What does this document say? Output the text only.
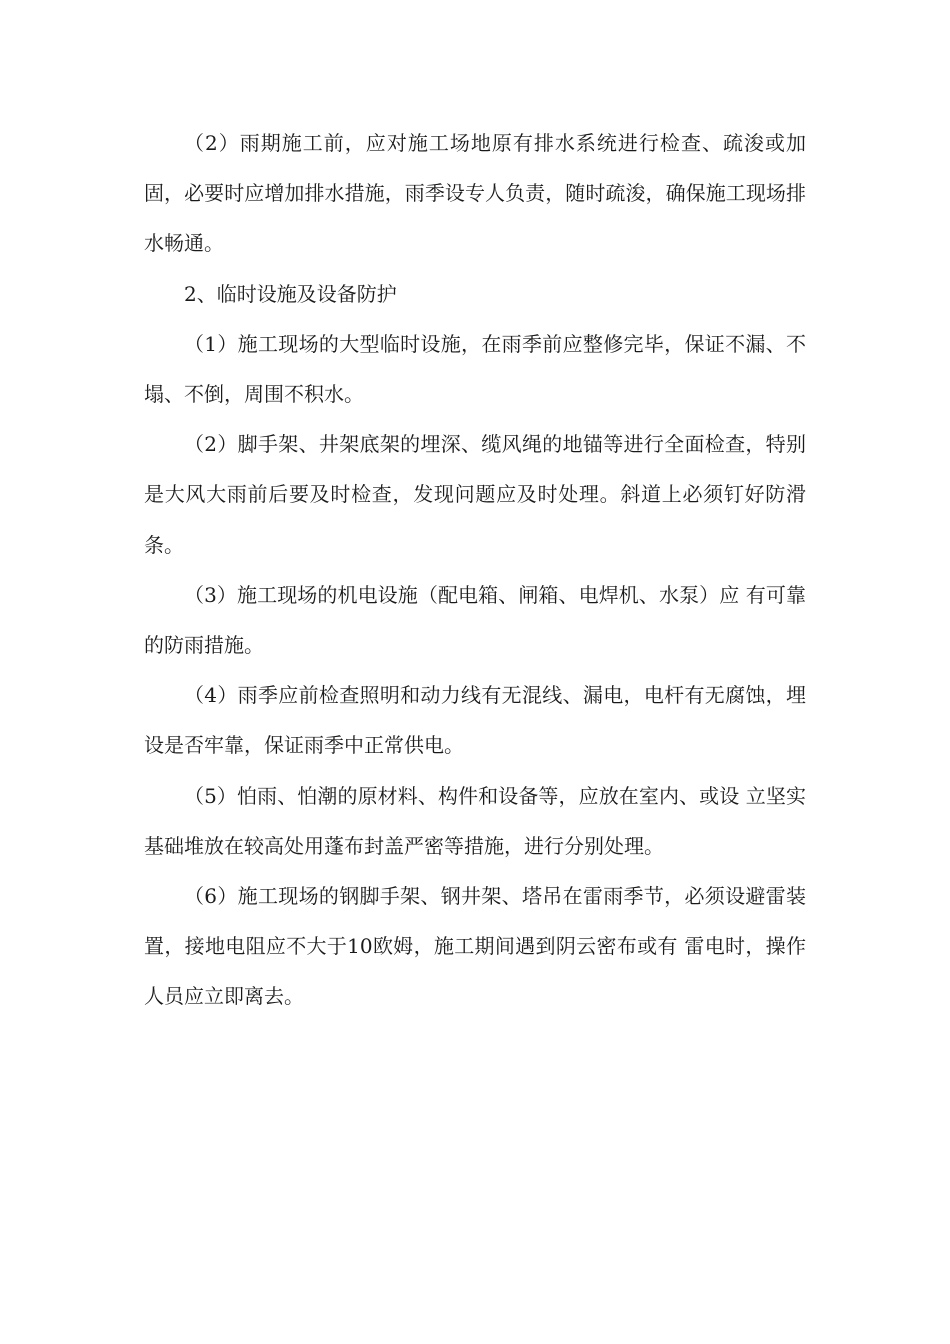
（2）雨期施工前，应对施工场地原有排水系统进行检查、疏浚或加固，必要时应增加排水措施，雨季设专人负责，随时疏浚，确保施工现场排水畅通。

2、临时设施及设备防护

（1）施工现场的大型临时设施，在雨季前应整修完毕，保证不漏、不塌、不倒，周围不积水。

（2）脚手架、井架底架的埋深、缆风绳的地锚等进行全面检查，特别是大风大雨前后要及时检查，发现问题应及时处理。斜道上必须钉好防滑条。

（3）施工现场的机电设施（配电箱、闸箱、电焊机、水泵）应 有可靠的防雨措施。

（4）雨季应前检查照明和动力线有无混线、漏电，电杆有无腐蚀，埋设是否牢靠，保证雨季中正常供电。

（5）怕雨、怕潮的原材料、构件和设备等，应放在室内、或设 立坚实基础堆放在较高处用蓬布封盖严密等措施，进行分别处理。

（6）施工现场的钢脚手架、钢井架、塔吊在雷雨季节，必须设避雷装置，接地电阻应不大于10欧姆，施工期间遇到阴云密布或有 雷电时，操作人员应立即离去。
